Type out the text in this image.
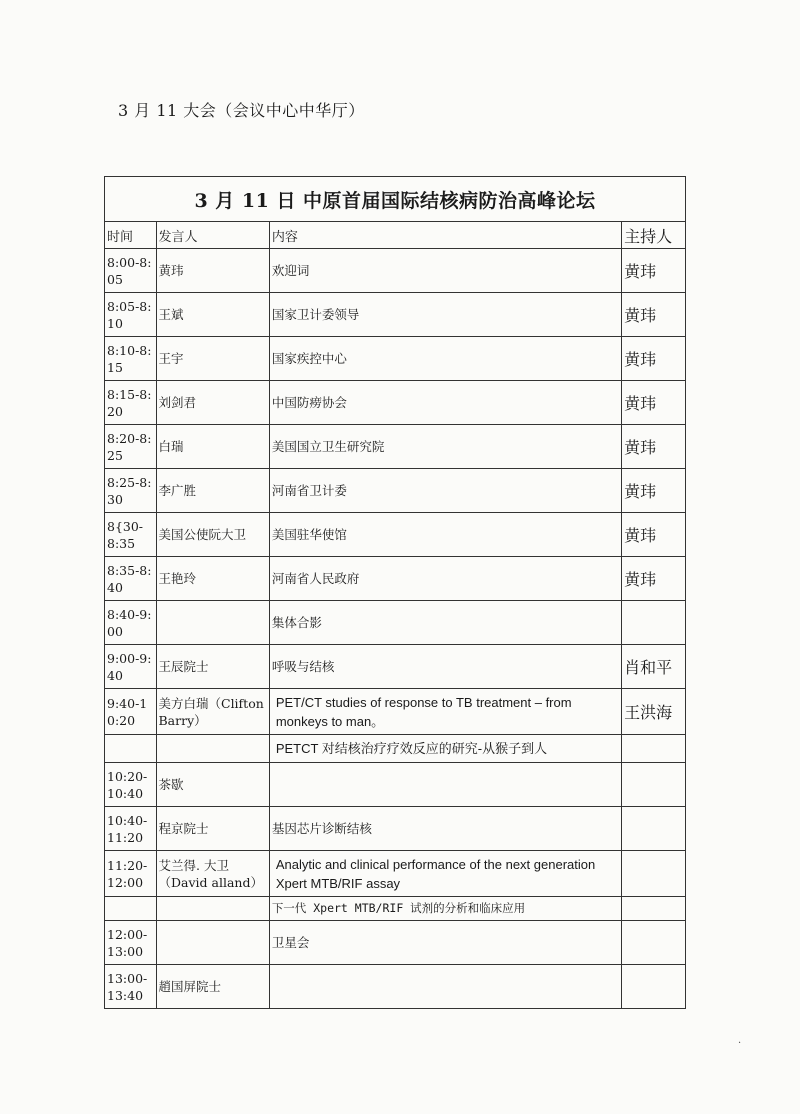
3 月 11 大会（会议中心中华厅）
3 月 11 日 中原首届国际结核病防治高峰论坛			
时间	发言人	内容	主持人
8:00-8:05	黄玮	欢迎词	黄玮
8:05-8:10	王斌	国家卫计委领导	黄玮
8:10-8:15	王宇	国家疾控中心	黄玮
8:15-8:20	刘剑君	中国防痨协会	黄玮
8:20-8:25	白瑞	美国国立卫生研究院	黄玮
8:25-8:30	李广胜	河南省卫计委	黄玮
8{30-8:35	美国公使阮大卫	美国驻华使馆	黄玮
8:35-8:40	王艳玲	河南省人民政府	黄玮
8:40-9:00		集体合影	
9:00-9:40	王辰院士	呼吸与结核	肖和平
9:40-10:20	美方白瑞（Clifton Barry）	PET/CT studies of response to TB treatment – from monkeys to man。	王洪海
		PETCT 对结核治疗疗效反应的研究-从猴子到人	
10:20-10:40	茶歇		
10:40-11:20	程京院士	基因芯片诊断结核	
11:20-12:00	艾兰得. 大卫（David alland）	Analytic and clinical performance of the next generation Xpert MTB/RIF assay	
		下一代 Xpert MTB/RIF 试剂的分析和临床应用	
12:00-13:00		卫星会	
13:00-13:40	趙国屏院士		
·
